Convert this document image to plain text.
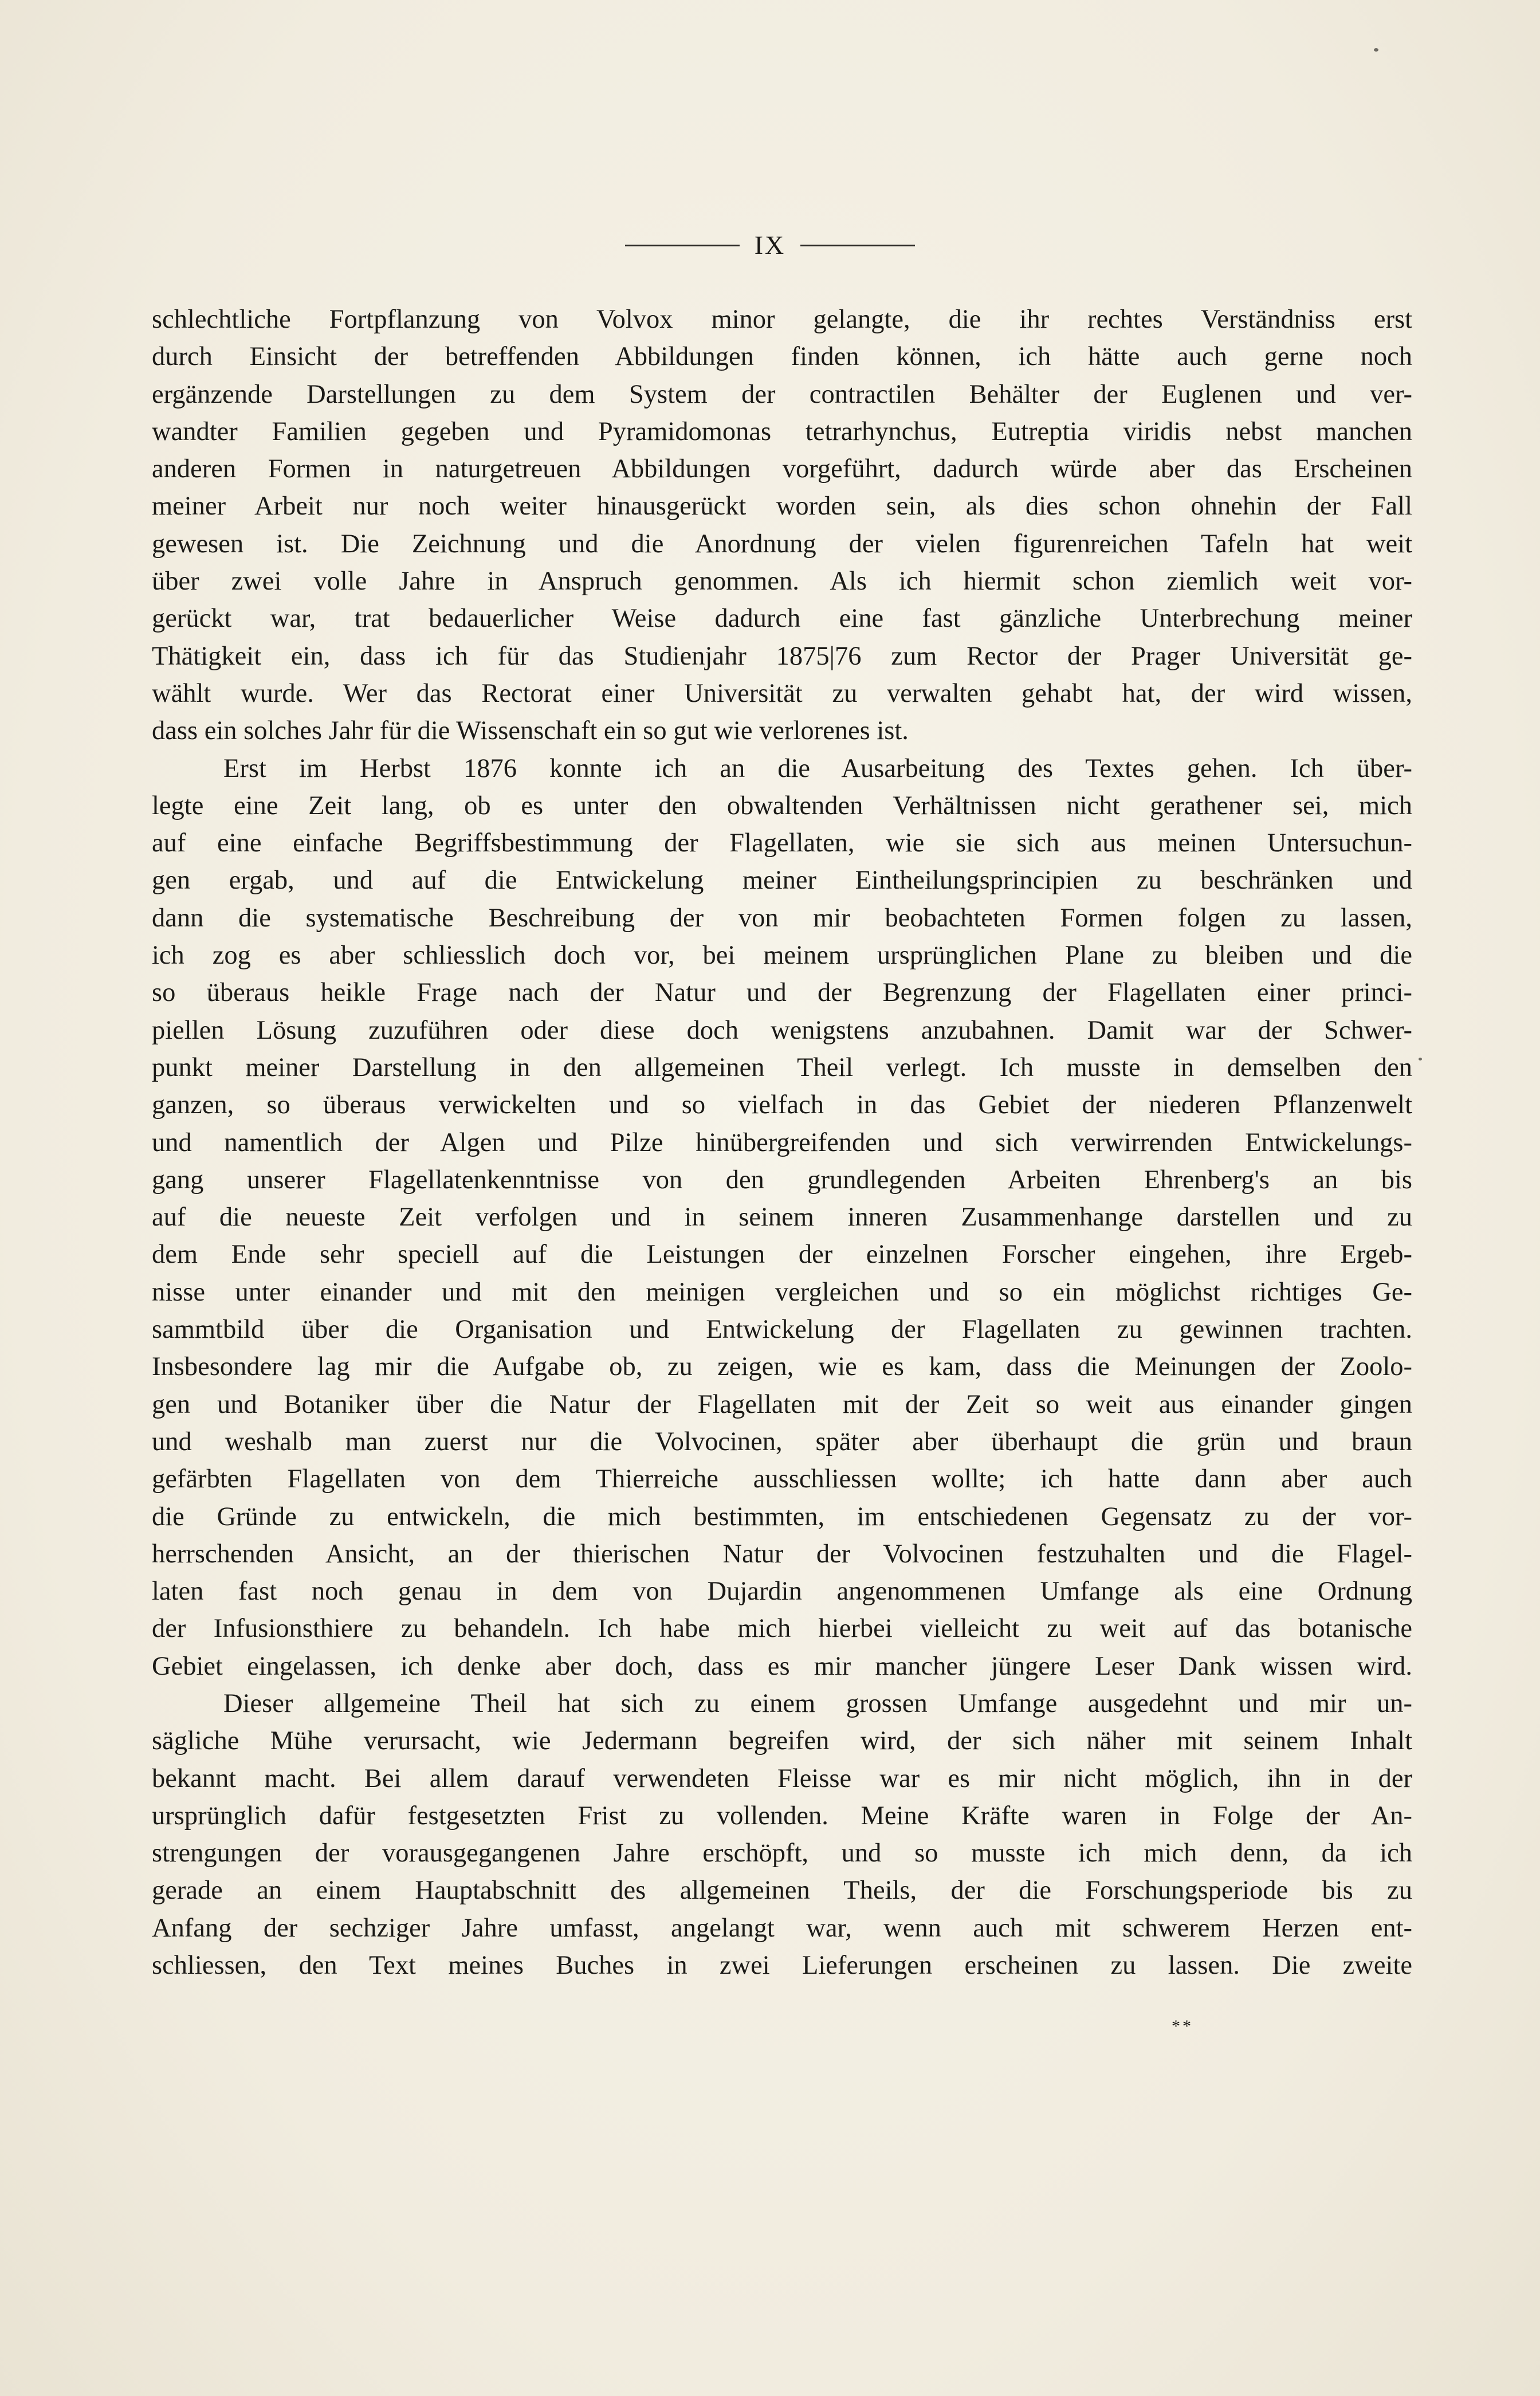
IX
schlechtliche Fortpflanzung von Volvox minor gelangte, die ihr rechtes Verständniss erst
durch Einsicht der betreffenden Abbildungen finden können, ich hätte auch gerne noch
ergänzende Darstellungen zu dem System der contractilen Behälter der Euglenen und ver-
wandter Familien gegeben und Pyramidomonas tetrarhynchus, Eutreptia viridis nebst manchen
anderen Formen in naturgetreuen Abbildungen vorgeführt, dadurch würde aber das Erscheinen
meiner Arbeit nur noch weiter hinausgerückt worden sein, als dies schon ohnehin der Fall
gewesen ist. Die Zeichnung und die Anordnung der vielen figurenreichen Tafeln hat weit
über zwei volle Jahre in Anspruch genommen. Als ich hiermit schon ziemlich weit vor-
gerückt war, trat bedauerlicher Weise dadurch eine fast gänzliche Unterbrechung meiner
Thätigkeit ein, dass ich für das Studienjahr 1875|76 zum Rector der Prager Universität ge-
wählt wurde. Wer das Rectorat einer Universität zu verwalten gehabt hat, der wird wissen,
dass ein solches Jahr für die Wissenschaft ein so gut wie verlorenes ist.
Erst im Herbst 1876 konnte ich an die Ausarbeitung des Textes gehen. Ich über-
legte eine Zeit lang, ob es unter den obwaltenden Verhältnissen nicht gerathener sei, mich
auf eine einfache Begriffsbestimmung der Flagellaten, wie sie sich aus meinen Untersuchun-
gen ergab, und auf die Entwickelung meiner Eintheilungsprincipien zu beschränken und
dann die systematische Beschreibung der von mir beobachteten Formen folgen zu lassen,
ich zog es aber schliesslich doch vor, bei meinem ursprünglichen Plane zu bleiben und die
so überaus heikle Frage nach der Natur und der Begrenzung der Flagellaten einer princi-
piellen Lösung zuzuführen oder diese doch wenigstens anzubahnen. Damit war der Schwer-
punkt meiner Darstellung in den allgemeinen Theil verlegt. Ich musste in demselben den
ganzen, so überaus verwickelten und so vielfach in das Gebiet der niederen Pflanzenwelt
und namentlich der Algen und Pilze hinübergreifenden und sich verwirrenden Entwickelungs-
gang unserer Flagellatenkenntnisse von den grundlegenden Arbeiten Ehrenberg's an bis
auf die neueste Zeit verfolgen und in seinem inneren Zusammenhange darstellen und zu
dem Ende sehr speciell auf die Leistungen der einzelnen Forscher eingehen, ihre Ergeb-
nisse unter einander und mit den meinigen vergleichen und so ein möglichst richtiges Ge-
sammtbild über die Organisation und Entwickelung der Flagellaten zu gewinnen trachten.
Insbesondere lag mir die Aufgabe ob, zu zeigen, wie es kam, dass die Meinungen der Zoolo-
gen und Botaniker über die Natur der Flagellaten mit der Zeit so weit aus einander gingen
und weshalb man zuerst nur die Volvocinen, später aber überhaupt die grün und braun
gefärbten Flagellaten von dem Thierreiche ausschliessen wollte; ich hatte dann aber auch
die Gründe zu entwickeln, die mich bestimmten, im entschiedenen Gegensatz zu der vor-
herrschenden Ansicht, an der thierischen Natur der Volvocinen festzuhalten und die Flagel-
laten fast noch genau in dem von Dujardin angenommenen Umfange als eine Ordnung
der Infusionsthiere zu behandeln. Ich habe mich hierbei vielleicht zu weit auf das botanische
Gebiet eingelassen, ich denke aber doch, dass es mir mancher jüngere Leser Dank wissen wird.
Dieser allgemeine Theil hat sich zu einem grossen Umfange ausgedehnt und mir un-
sägliche Mühe verursacht, wie Jedermann begreifen wird, der sich näher mit seinem Inhalt
bekannt macht. Bei allem darauf verwendeten Fleisse war es mir nicht möglich, ihn in der
ursprünglich dafür festgesetzten Frist zu vollenden. Meine Kräfte waren in Folge der An-
strengungen der vorausgegangenen Jahre erschöpft, und so musste ich mich denn, da ich
gerade an einem Hauptabschnitt des allgemeinen Theils, der die Forschungsperiode bis zu
Anfang der sechziger Jahre umfasst, angelangt war, wenn auch mit schwerem Herzen ent-
schliessen, den Text meines Buches in zwei Lieferungen erscheinen zu lassen. Die zweite
**
